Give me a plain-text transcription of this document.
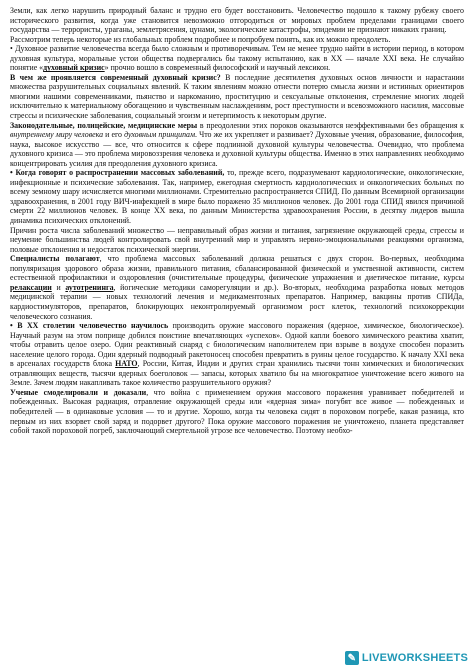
Земли, как легко нарушить природный баланс и трудно его будет восстановить. Человечество подошло к такому рубежу своего исторического развития, когда уже становится невозможно отгородиться от мировых проблем пределами границами своего государства — террористы, ураганы, землетрясения, цунами, экологические катастрофы, эпидемии не признают никаких границ.

Рассмотрим теперь некоторые из глобальных проблем подробнее и попробуем понять, как их можно преодолеть.

• Духовное развитие человечества всегда было сложным и противоречивым. Тем не менее трудно найти в истории период, в котором духовная культура, моральные устои общества подвергались бы такому испытанию, как в XX — начале XXI века. Не случайно понятие «духовный кризис» прочно вошло в современный философский и научный лексикон.

В чем же проявляется современный духовный кризис? В последние десятилетия духовных основ личности и нарастании множества разрушительных социальных явлений. К таким явлениям можно отнести потерю смысла жизни и истинных ориентиров многими нашими современниками, пьянство и наркоманию, проституцию и сексуальные отклонения, стремление многих людей исключительно к материальному обогащению и чувственным наслаждениям, рост преступности и всевозможного насилия, массовые стрессы и психические заболевания, социальный эгоизм и нетерпимость к некоторым другие.

Законодательные, полицейские, медицинские меры в преодолении этих пороков оказываются неэффективными без обращения к внутреннему миру человека и его духовным принципам. Что же их укрепляет и развивает? Духовные учения, образование, философия, наука, высокое искусство — все, что относится к сфере подлинной духовной культуры человечества. Очевидно, что проблема духовного кризиса — это проблема мировоззрения человека и духовной культуры общества. Именно в этих направлениях необходимо концентрировать усилия для преодоления духовного кризиса.

• Когда говорят о распространении массовых заболеваний, то, прежде всего, подразумевают кардиологические, онкологические, инфекционные и психические заболевания. Так, например, ежегодная смертность кардиологических и онкологических больных по всему земному шару исчисляется многими миллионами. Стремительно распространяется СПИД. По данным Всемирной организации здравоохранения, в 2001 году ВИЧ-инфекцией в мире было поражено 35 миллионов человек. До 2001 года СПИД явился причиной смерти 22 миллионов человек. В конце XX века, по данным Министерства здравоохранения России, в десятку лидеров вышла динамика психических отклонений.

Причин роста числа заболеваний множество — неправильный образ жизни и питания, загрязнение окружающей среды, стрессы и неумение большинства людей контролировать свой внутренний мир и управлять нервно-эмоциональными реакциями организма, половые отклонения и недостаток психической энергии.

Специалисты полагают, что проблема массовых заболеваний должна решаться с двух сторон. Во-первых, необходима популяризация здорового образа жизни, правильного питания, сбалансированной физической и умственной активности, систем естественной профилактики и оздоровления (очистительные процедуры, физические упражнения и диетическое питание, курсы релаксации и аутотренинга, йогические методики саморегуляции и др.). Во-вторых, необходима разработка новых методов медицинской терапии — новых технологий лечения и медикаментозных препаратов. Например, вакцины против СПИДа, кардиостимуляторов, препаратов, блокирующих неконтролируемый организмом рост клеток, технологий психокоррекции человеческого сознания.

• В XX столетии человечество научилось производить оружие массового поражения (ядерное, химическое, биологическое). Научный разум на этом поприще добился поистине впечатляющих «успехов». Одной капли боевого химического реактива хватит, чтобы отравить целое озеро. Один реактивный снаряд с биологическим наполнителем при взрыве в воздухе способен поразить население целого города. Один ядерный подводный ракетоносец способен превратить в руины целое государство. К началу XXI века в арсеналах государств блока НАТО, России, Китая, Индии и других стран хранились тысячи тонн химических и биологических отравляющих веществ, тысячи ядерных боеголовок — запасы, которых хватило бы на многократное уничтожение всего живого на Земле. Зачем людям накапливать такое количество разрушительного оружия?

Ученые смоделировали и доказали, что война с применением оружия массового поражения уравнивает победителей и побежденных. Высокая радиация, отравление окружающей среды или «ядерная зима» погубят все живое — побежденных и победителей — в одинаковые условия — то и другие. Хорошо, когда ты человека сидят в пороховом погребе, какая разница, кто первым из них взорвет свой заряд и подорвет другого? Пока оружие массового поражения не уничтожено, планета представляет собой такой пороховой погреб, заключающий смертельной угрозе все человечество. Поэтому необхо-

✎ LIVEWORKSHEETS
